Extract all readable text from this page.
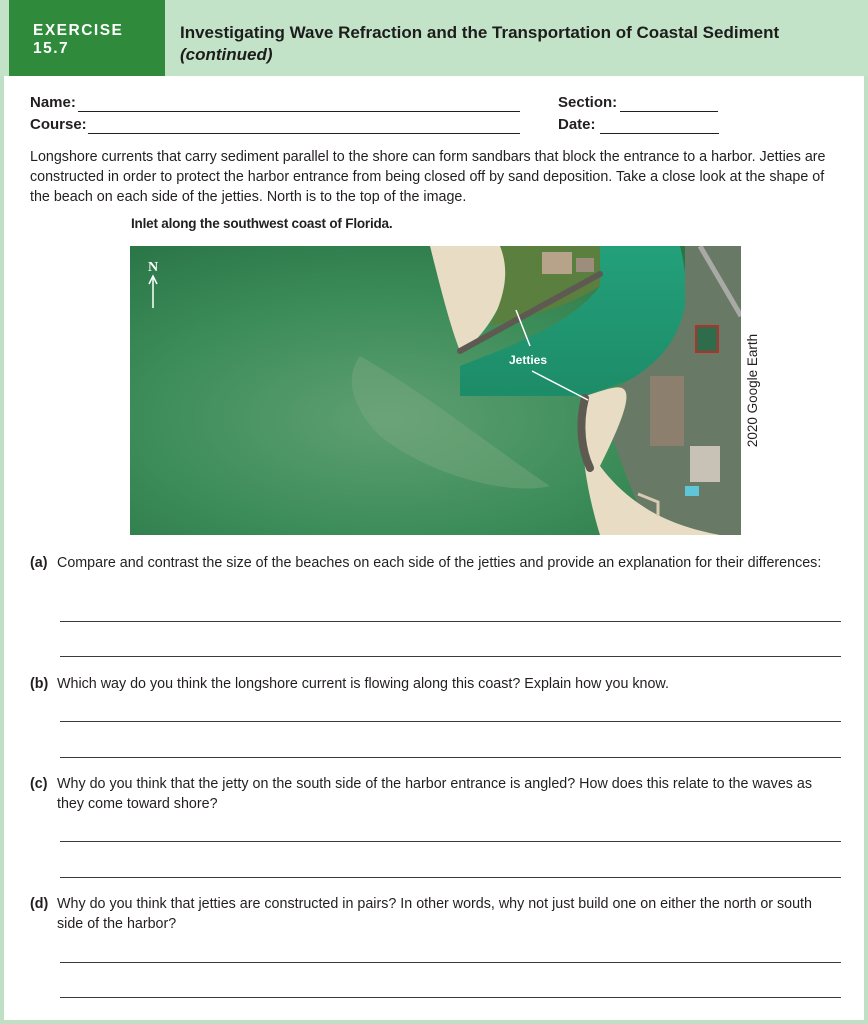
EXERCISE 15.7
Investigating Wave Refraction and the Transportation of Coastal Sediment
(continued)
Name:
Course:
Section:
Date:

Longshore currents that carry sediment parallel to the shore can form sandbars that block the entrance to a harbor. Jetties are constructed in order to protect the harbor entrance from being closed off by sand deposition. Take a close look at the shape of the beach on each side of the jetties. North is to the top of the image.

Inlet along the southwest coast of Florida.
N
Jetties	2020 Google Earth
(a) Compare and contrast the size of the beaches on each side of the jetties and provide an explanation for their differences:
(b) Which way do you think the longshore current is flowing along this coast? Explain how you know.
(c) Why do you think that the jetty on the south side of the harbor entrance is angled? How does this relate to the waves as they come toward shore?
(d) Why do you think that jetties are constructed in pairs? In other words, why not just build one on either the north or south side of the harbor?
